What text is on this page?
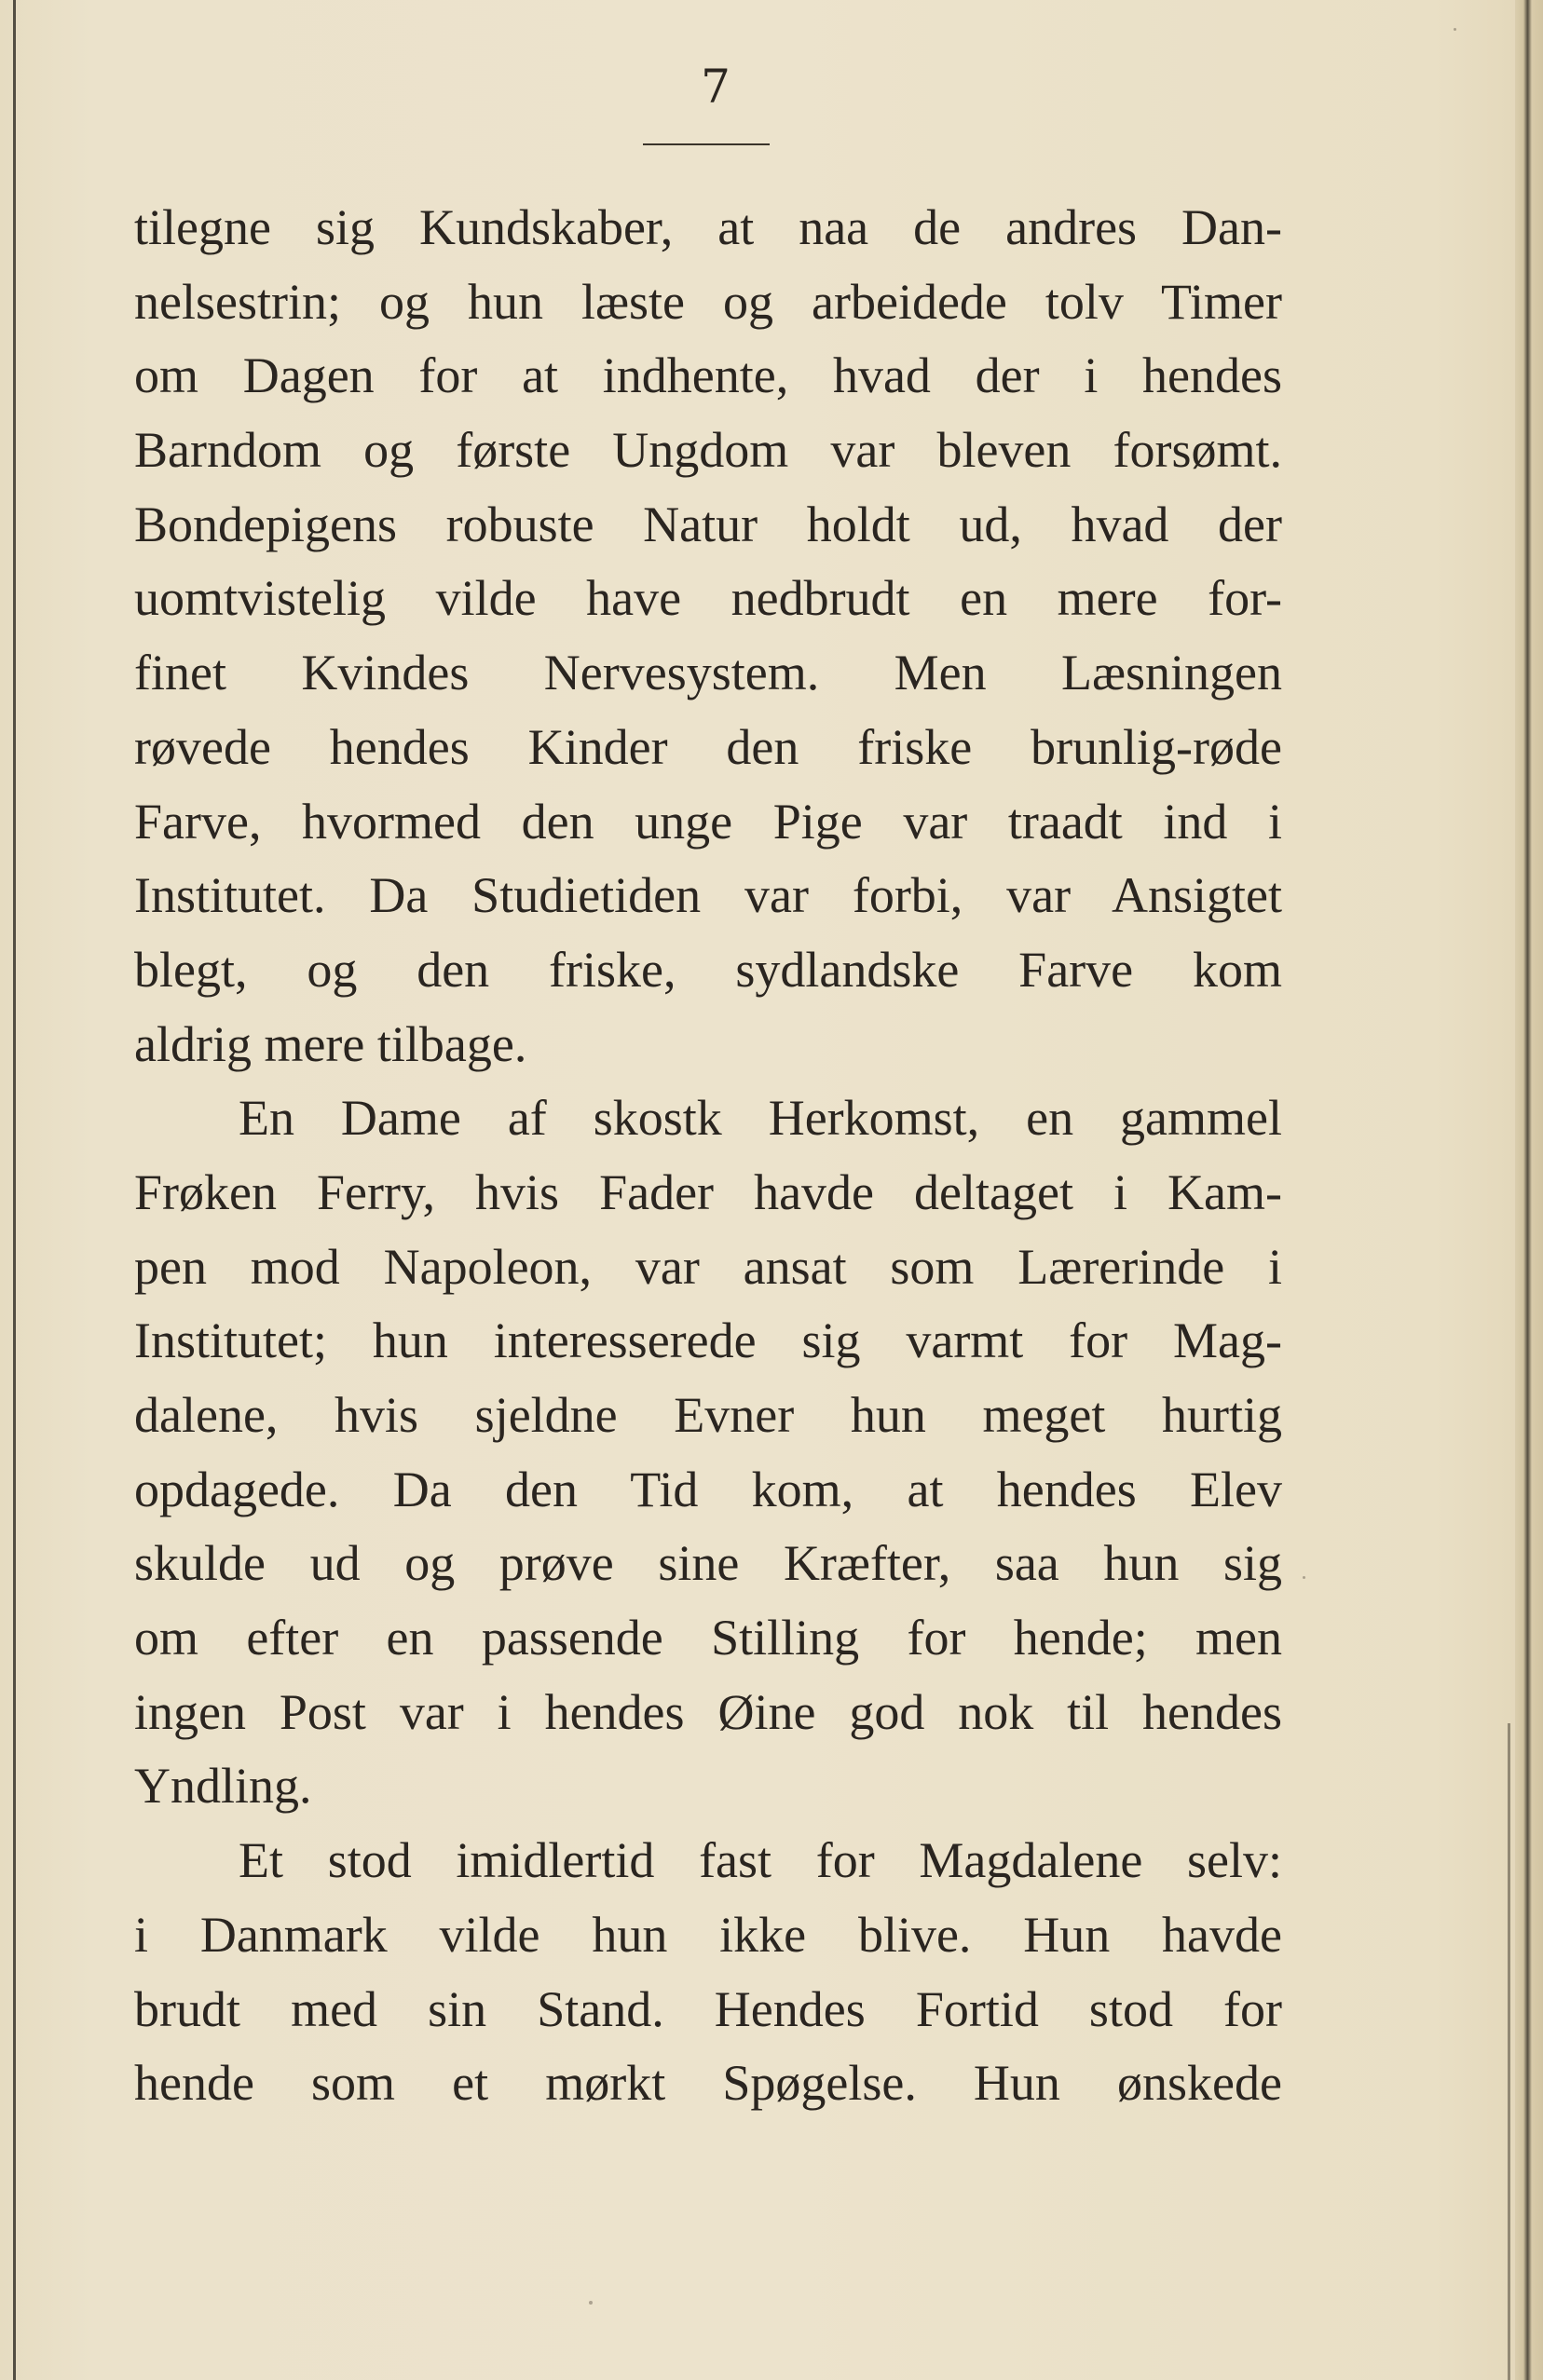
7
tilegne sig Kundskaber, at naa de andres Dan-
nelsestrin; og hun læste og arbeidede tolv Timer
om Dagen for at indhente, hvad der i hendes
Barndom og første Ungdom var bleven forsømt.
Bondepigens robuste Natur holdt ud, hvad der
uomtvistelig vilde have nedbrudt en mere for-
finet Kvindes Nervesystem. Men Læsningen
røvede hendes Kinder den friske brunlig-røde
Farve, hvormed den unge Pige var traadt ind i
Institutet. Da Studietiden var forbi, var Ansigtet
blegt, og den friske, sydlandske Farve kom
aldrig mere tilbage.
En Dame af skostk Herkomst, en gammel
Frøken Ferry, hvis Fader havde deltaget i Kam-
pen mod Napoleon, var ansat som Lærerinde i
Institutet; hun interesserede sig varmt for Mag-
dalene, hvis sjeldne Evner hun meget hurtig
opdagede. Da den Tid kom, at hendes Elev
skulde ud og prøve sine Kræfter, saa hun sig
om efter en passende Stilling for hende; men
ingen Post var i hendes Øine god nok til hendes
Yndling.
Et stod imidlertid fast for Magdalene selv:
i Danmark vilde hun ikke blive. Hun havde
brudt med sin Stand. Hendes Fortid stod for
hende som et mørkt Spøgelse. Hun ønskede
